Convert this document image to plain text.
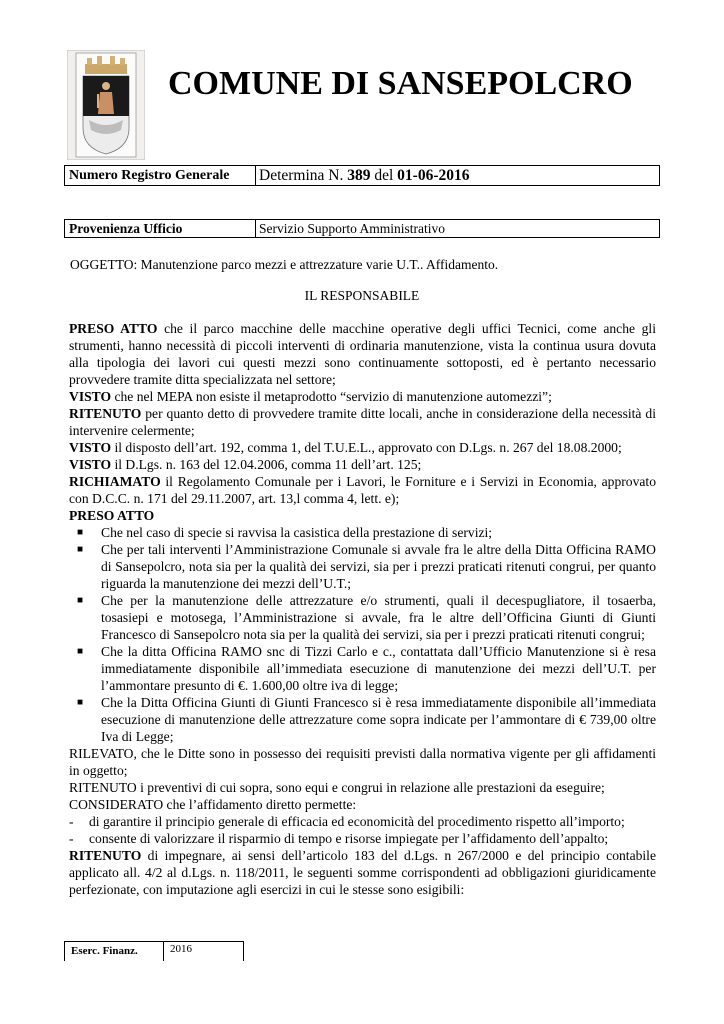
COMUNE DI SANSEPOLCRO
Numero Registro Generale	Determina N. 389 del 01-06-2016
Provenienza Ufficio	Servizio Supporto Amministrativo
OGGETTO: Manutenzione parco mezzi e attrezzature varie U.T.. Affidamento.
IL RESPONSABILE

PRESO ATTO che il parco macchine delle macchine operative degli uffici Tecnici, come anche gli strumenti, hanno necessità di piccoli interventi di ordinaria manutenzione, vista la continua usura dovuta alla tipologia dei lavori cui questi mezzi sono continuamente sottoposti, ed è pertanto necessario provvedere tramite ditta specializzata nel settore;

VISTO che nel MEPA non esiste il metaprodotto “servizio di manutenzione automezzi”;

RITENUTO per quanto detto di provvedere tramite ditte locali, anche in considerazione della necessità di intervenire celermente;

VISTO il disposto dell’art. 192, comma 1, del T.U.E.L., approvato con D.Lgs. n. 267 del 18.08.2000;

VISTO il D.Lgs. n. 163 del 12.04.2006, comma 11 dell’art. 125;

RICHIAMATO il Regolamento Comunale per i Lavori, le Forniture e i Servizi in Economia, approvato con D.C.C. n. 171 del 29.11.2007, art. 13,l comma 4, lett. e);

PRESO ATTO

■ Che nel caso di specie si ravvisa la casistica della prestazione di servizi;

■ Che per tali interventi l’Amministrazione Comunale si avvale fra le altre della Ditta Officina RAMO di Sansepolcro, nota sia per la qualità dei servizi, sia per i prezzi praticati ritenuti congrui, per quanto riguarda la manutenzione dei mezzi dell’U.T.;

■ Che per la manutenzione delle attrezzature e/o strumenti, quali il decespugliatore, il tosaerba, tosasiepi e motosega, l’Amministrazione si avvale, fra le altre dell’Officina Giunti di Giunti Francesco di Sansepolcro nota sia per la qualità dei servizi, sia per i prezzi praticati ritenuti congrui;

■ Che la ditta Officina RAMO snc di Tizzi Carlo e c., contattata dall’Ufficio Manutenzione si è resa immediatamente disponibile all’immediata esecuzione di manutenzione dei mezzi dell’U.T. per l’ammontare presunto di €. 1.600,00 oltre iva di legge;

■ Che la Ditta Officina Giunti di Giunti Francesco si è resa immediatamente disponibile all’immediata esecuzione di manutenzione delle attrezzature come sopra indicate per l’ammontare di € 739,00 oltre Iva di Legge;

RILEVATO, che le Ditte sono in possesso dei requisiti previsti dalla normativa vigente per gli affidamenti in oggetto;

RITENUTO i preventivi di cui sopra, sono equi e congrui in relazione alle prestazioni da eseguire;

CONSIDERATO che l’affidamento diretto permette:

- di garantire il principio generale di efficacia ed economicità del procedimento rispetto all’importo;

- consente di valorizzare il risparmio di tempo e risorse impiegate per l’affidamento dell’appalto;

RITENUTO di impegnare, ai sensi dell’articolo 183 del d.Lgs. n 267/2000 e del principio contabile applicato all. 4/2 al d.Lgs. n. 118/2011, le seguenti somme corrispondenti ad obbligazioni giuridicamente perfezionate, con imputazione agli esercizi in cui le stesse sono esigibili:

Eserc. Finanz.	2016
